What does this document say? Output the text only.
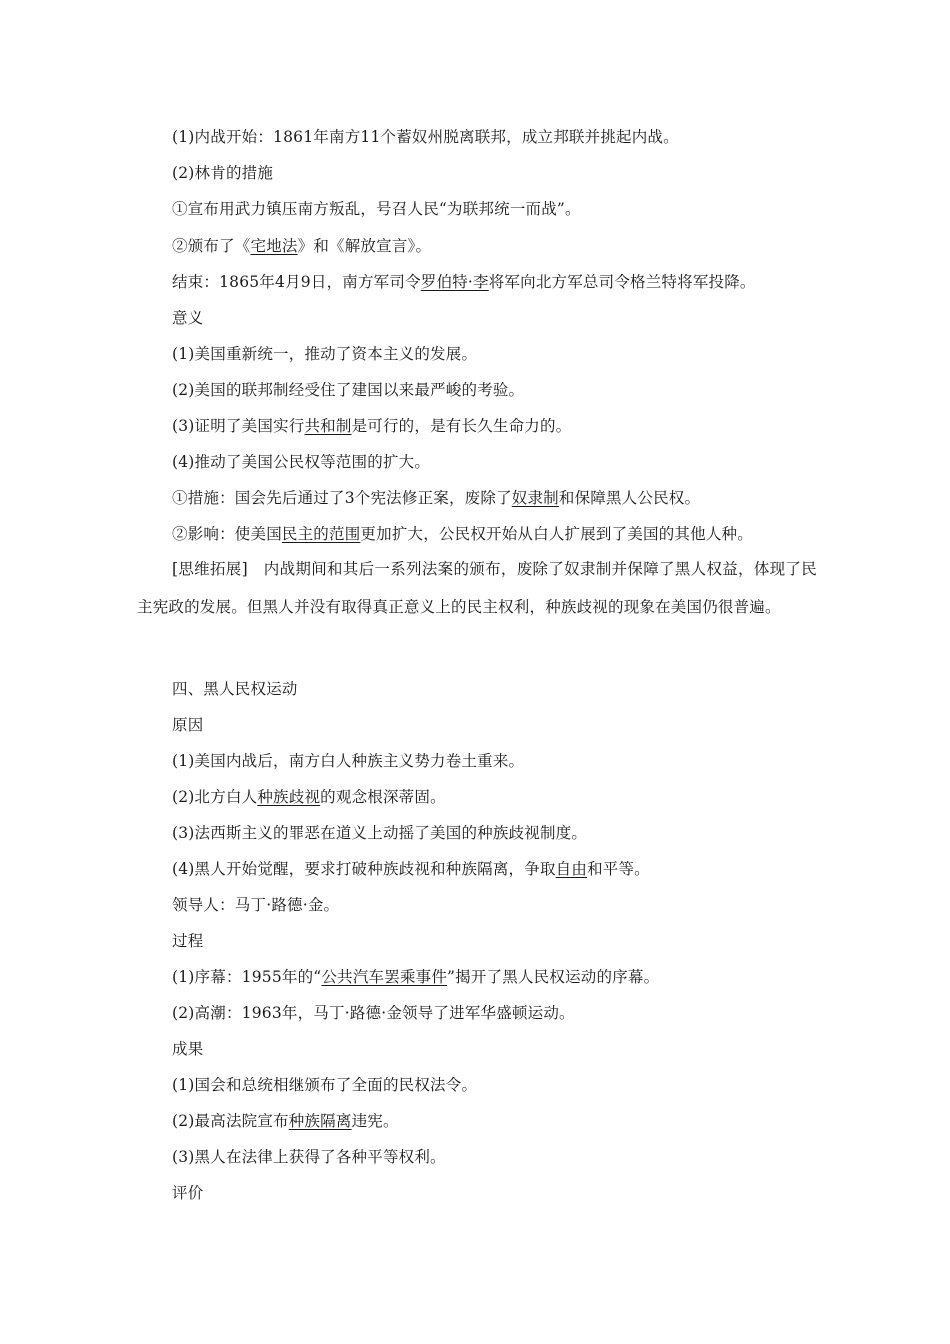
(1)内战开始：1861年南方11个蓄奴州脱离联邦，成立邦联并挑起内战。
(2)林肯的措施
①宣布用武力镇压南方叛乱，号召人民“为联邦统一而战”。
②颁布了《宅地法》和《解放宣言》。
结束：1865年4月9日，南方军司令罗伯特·李将军向北方军总司令格兰特将军投降。
意义
(1)美国重新统一，推动了资本主义的发展。
(2)美国的联邦制经受住了建国以来最严峻的考验。
(3)证明了美国实行共和制是可行的，是有长久生命力的。
(4)推动了美国公民权等范围的扩大。
①措施：国会先后通过了3个宪法修正案，废除了奴隶制和保障黑人公民权。
②影响：使美国民主的范围更加扩大，公民权开始从白人扩展到了美国的其他人种。
[思维拓展]　内战期间和其后一系列法案的颁布，废除了奴隶制并保障了黑人权益，体现了民主宪政的发展。但黑人并没有取得真正意义上的民主权利，种族歧视的现象在美国仍很普遍。
四、黑人民权运动
原因
(1)美国内战后，南方白人种族主义势力卷土重来。
(2)北方白人种族歧视的观念根深蒂固。
(3)法西斯主义的罪恶在道义上动摇了美国的种族歧视制度。
(4)黑人开始觉醒，要求打破种族歧视和种族隔离，争取自由和平等。
领导人：马丁·路德·金。
过程
(1)序幕：1955年的“公共汽车罢乘事件”揭开了黑人民权运动的序幕。
(2)高潮：1963年，马丁·路德·金领导了进军华盛顿运动。
成果
(1)国会和总统相继颁布了全面的民权法令。
(2)最高法院宣布种族隔离违宪。
(3)黑人在法律上获得了各种平等权利。
评价
